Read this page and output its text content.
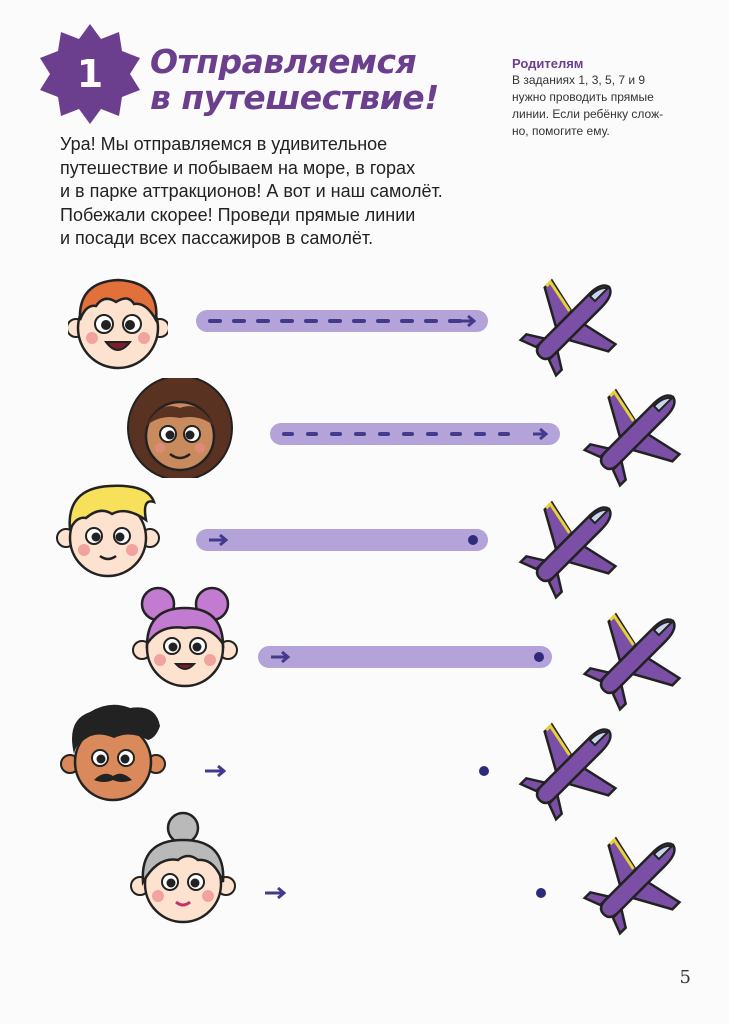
1	Отправляемся
в путешествие!
Родителям
В заданиях 1, 3, 5, 7 и 9
нужно проводить прямые
линии. Если ребёнку слож-
но, помогите ему.
Ура! Мы отправляемся в удивительное
путешествие и побываем на море, в горах
и в парке аттракционов! А вот и наш самолёт.
Побежали скорее! Проведи прямые линии
и посади всех пассажиров в самолёт.
5
